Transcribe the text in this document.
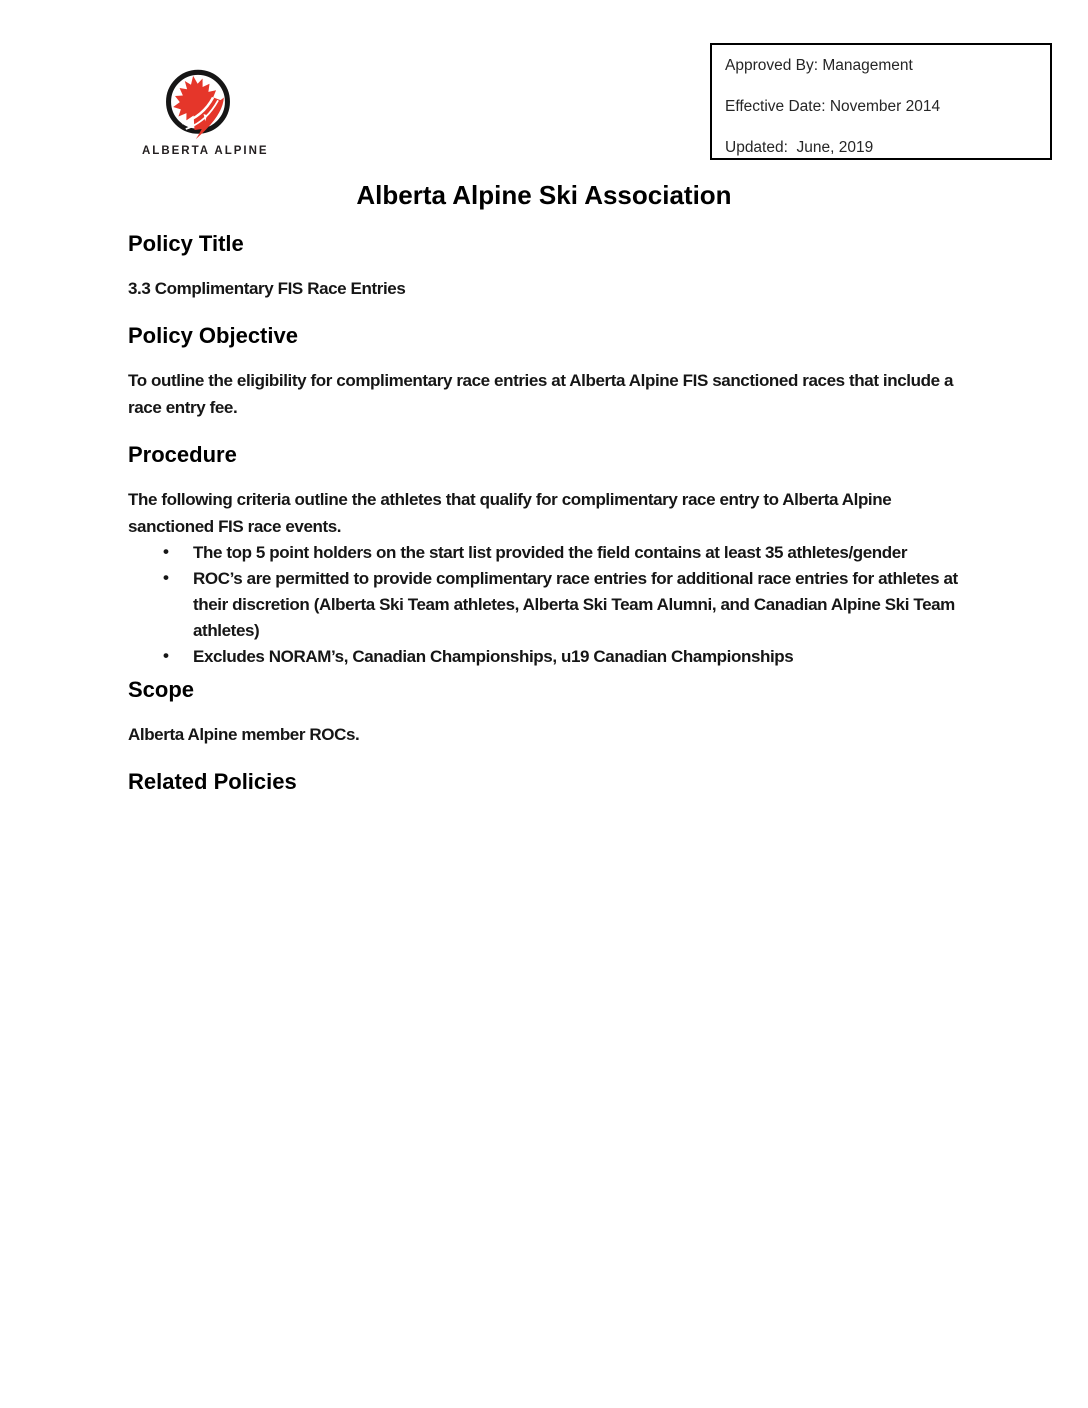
ALBERTA ALPINE

Approved By: Management

Effective Date: November 2014

Updated:  June, 2019

Alberta Alpine Ski Association
Policy Title

3.3 Complimentary FIS Race Entries

Policy Objective

To outline the eligibility for complimentary race entries at Alberta Alpine FIS sanctioned races that include a race entry fee.

Procedure

The following criteria outline the athletes that qualify for complimentary race entry to Alberta Alpine sanctioned FIS race events.

• The top 5 point holders on the start list provided the field contains at least 35 athletes/gender
• ROC’s are permitted to provide complimentary race entries for additional race entries for athletes at their discretion (Alberta Ski Team athletes, Alberta Ski Team Alumni, and Canadian Alpine Ski Team athletes)
• Excludes NORAM’s, Canadian Championships, u19 Canadian Championships
Scope

Alberta Alpine member ROCs.

Related Policies
